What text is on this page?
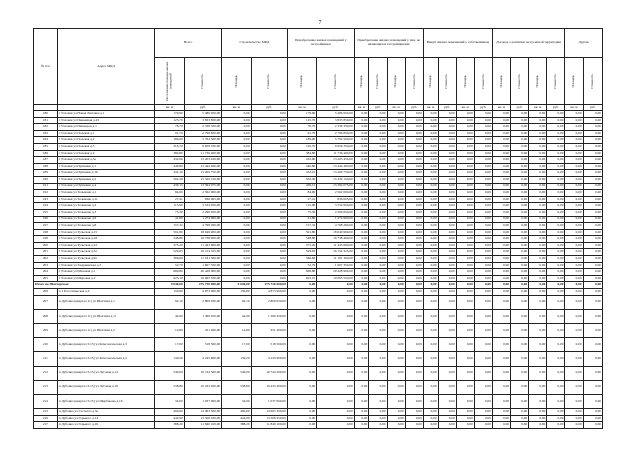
7
№ п/п	Адрес МКД	Всего		Строительство МКД		Приобретение жилых помещений у застройщиков		Приобретение жилых помещений у лиц, не являющихся застройщиками				Выкуп жилых помещений у собственников				Договор о развитии застроенной территории				Другие	

		Расселяемая площадь жилых помещений	Стоимость	Площадь	Стоимость	Площадь	Стоимость	Площадь	Стоимость	Площадь	Стоимость	Площадь	Стоимость	Площадь	Стоимость	Площадь	Стоимость	Площадь	Стоимость	Площадь	Стоимость

		кв. м	руб.	кв. м	руб.	кв. м	руб.	кв. м	руб.	кв. м	руб.	кв. м	руб.	кв. м	руб.	кв. м	руб.	кв. м	руб.	кв. м	руб.
180	г Узловая ул Новая Липовка д.1	179,90	5 486 950,00	0,00	0,00	179,90	5 486 950,00	0,00	0,00	0,00	0,00	0,00	0,00	0,00	0,00	0,00	0,00	0,00	0,00	0,00	0,00
181	г Узловая ул Пашенная д.43	125,70	3 833 850,00	0,00	0,00	125,70	3 833 850,00	0,00	0,00	0,00	0,00	0,00	0,00	0,00	0,00	0,00	0,00	0,00	0,00	0,00	0,00
182	г Узловая ул Пионеров д.1	78,70	2 339 350,00	0,00	0,00	78,70	2 339 350,00	0,00	0,00	0,00	0,00	0,00	0,00	0,00	0,00	0,00	0,00	0,00	0,00	0,00	0,00
183	г Узловая ул Полевая д.1	91,70	2 796 850,00	0,00	0,00	91,70	2 796 850,00	0,00	0,00	0,00	0,00	0,00	0,00	0,00	0,00	0,00	0,00	0,00	0,00	0,00	0,00
184	г Узловая ул Полевая д.2	189,00	5 764 500,00	0,00	0,00	189,00	5 764 500,00	0,00	0,00	0,00	0,00	0,00	0,00	0,00	0,00	0,00	0,00	0,00	0,00	0,00	0,00
185	г Узловая ул Полевая д.3	316,70	9 659 350,00	0,00	0,00	316,70	9 659 350,00	0,00	0,00	0,00	0,00	0,00	0,00	0,00	0,00	0,00	0,00	0,00	0,00	0,00	0,00
186	г Узловая ул Полевая д.4	384,80	11 736 400,00	0,00	0,00	384,80	11 736 400,00	0,00	0,00	0,00	0,00	0,00	0,00	0,00	0,00	0,00	0,00	0,00	0,00	0,00	0,00
187	г Узловая ул Полевая д.5а	432,90	13 203 450,00	0,00	0,00	432,90	13 203 450,00	0,00	0,00	0,00	0,00	0,00	0,00	0,00	0,00	0,00	0,00	0,00	0,00	0,00	0,00
188	г Узловая ул Пушкина д.1	440,80	13 444 400,00	0,00	0,00	440,80	13 444 400,00	0,00	0,00	0,00	0,00	0,00	0,00	0,00	0,00	0,00	0,00	0,00	0,00	0,00	0,00
189	г Узловая ул Пушкина д.16	432,10	13 209 750,00	0,00	0,00	432,10	13 209 750,00	0,00	0,00	0,00	0,00	0,00	0,00	0,00	0,00	0,00	0,00	0,00	0,00	0,00	0,00
190	г Узловая ул Пушкина д.2	502,30	15 320 150,00	0,00	0,00	502,30	15 320 150,00	0,00	0,00	0,00	0,00	0,00	0,00	0,00	0,00	0,00	0,00	0,00	0,00	0,00	0,00
191	г Узловая ул Пушкина д.4	439,15	13 394 075,00	0,00	0,00	439,15	13 394 075,00	0,00	0,00	0,00	0,00	0,00	0,00	0,00	0,00	0,00	0,00	0,00	0,00	0,00	0,00
192	г Узловая ул Тельмана д.1	84,00	2 562 000,00	0,00	0,00	84,00	2 562 000,00	0,00	0,00	0,00	0,00	0,00	0,00	0,00	0,00	0,00	0,00	0,00	0,00	0,00	0,00
193	г Узловая ул Тельмана д.11	27,41	836 005,00	0,00	0,00	27,41	836 005,00	0,00	0,00	0,00	0,00	0,00	0,00	0,00	0,00	0,00	0,00	0,00	0,00	0,00	0,00
194	г Узловая ул Тельмана д.2	115,90	3 534 950,00	0,00	0,00	115,90	3 534 950,00	0,00	0,00	0,00	0,00	0,00	0,00	0,00	0,00	0,00	0,00	0,00	0,00	0,00	0,00
195	г Узловая ул Тельмана д.3	75,30	2 296 650,00	0,00	0,00	75,30	2 296 650,00	0,00	0,00	0,00	0,00	0,00	0,00	0,00	0,00	0,00	0,00	0,00	0,00	0,00	0,00
196	г Узловая ул Тельмана д.6	41,80	1 274 900,00	0,00	0,00	41,80	1 274 900,00	0,00	0,00	0,00	0,00	0,00	0,00	0,00	0,00	0,00	0,00	0,00	0,00	0,00	0,00
197	г Узловая ул Тельмана д.8	157,32	4 798 260,00	0,00	0,00	157,32	4 798 260,00	0,00	0,00	0,00	0,00	0,00	0,00	0,00	0,00	0,00	0,00	0,00	0,00	0,00	0,00
198	г Узловая ул Тульская д.15	591,80	18 049 900,00	0,00	0,00	591,80	18 049 900,00	0,00	0,00	0,00	0,00	0,00	0,00	0,00	0,00	0,00	0,00	0,00	0,00	0,00	0,00
199	г Узловая ул Тульская д.18	548,80	16 738 400,00	0,00	0,00	548,80	16 738 400,00	0,00	0,00	0,00	0,00	0,00	0,00	0,00	0,00	0,00	0,00	0,00	0,00	0,00	0,00
200	г Узловая ул Тульская д.22	375,20	11 443 600,00	0,00	0,00	375,20	11 443 600,00	0,00	0,00	0,00	0,00	0,00	0,00	0,00	0,00	0,00	0,00	0,00	0,00	0,00	0,00
201	г Узловая ул Тульская д.3а	529,65	16 154 325,00	0,00	0,00	529,65	16 154 325,00	0,00	0,00	0,00	0,00	0,00	0,00	0,00	0,00	0,00	0,00	0,00	0,00	0,00	0,00
202	г Узловая ул Тульская д.9а	366,60	11 181 300,00	0,00	0,00	366,60	11 181 300,00	0,00	0,00	0,00	0,00	0,00	0,00	0,00	0,00	0,00	0,00	0,00	0,00	0,00	0,00
203	г Узловая ул Хадриевская д.3	52,70	1 607 350,00	0,00	0,00	52,70	1 607 350,00	0,00	0,00	0,00	0,00	0,00	0,00	0,00	0,00	0,00	0,00	0,00	0,00	0,00	0,00
204	г Узловая ул Шаховая д.1	669,80	20 428 900,00	0,00	0,00	669,80	20 428 900,00	0,00	0,00	0,00	0,00	0,00	0,00	0,00	0,00	0,00	0,00	0,00	0,00	0,00	0,00
205	г Узловая ул Шаровая д.2	625,10	19 065 550,00	0,00	0,00	625,10	19 065 550,00	0,00	0,00	0,00	0,00	0,00	0,00	0,00	0,00	0,00	0,00	0,00	0,00	0,00	0,00
Итого по Шахтерское:		9 040,00	275 720 000,00	9 040,00	275 720 000,00	0,00	0,00	0,00	0,00	0,00	0,00	0,00	0,00	0,00	0,00	0,00	0,00	0,00	0,00	0,00	0,00
206	п 1 Россошанская д.2	159,80	4 873 900,00	159,80	4 873 900,00	0,00	0,00	0,00	0,00	0,00	0,00	0,00	0,00	0,00	0,00	0,00	0,00	0,00	0,00	0,00	0,00
207	п Дубовка (квартал 11) ул Шахтная д.1	92,10	2 809 050,00	92,10	2 809 050,00	0,00	0,00	0,00	0,00	0,00	0,00	0,00	0,00	0,00	0,00	0,00	0,00	0,00	0,00	0,00	0,00
208	п Дубовка (квартал 11) ул Шахтная д.11	44,90	1 369 450,00	44,90	1 369 450,00	0,00	0,00	0,00	0,00	0,00	0,00	0,00	0,00	0,00	0,00	0,00	0,00	0,00	0,00	0,00	0,00
209	п Дубовка (квартал 11) ул Шахтная д.2	14,80	451 400,00	14,80	451 400,00	0,00	0,00	0,00	0,00	0,00	0,00	0,00	0,00	0,00	0,00	0,00	0,00	0,00	0,00	0,00	0,00
210	п Дубовка (квартал 5/13) ул Комсомольская д.3	17,00	518 500,00	17,00	518 500,00	0,00	0,00	0,00	0,00	0,00	0,00	0,00	0,00	0,00	0,00	0,00	0,00	0,00	0,00	0,00	0,00
211	п Дубовка (квартал 5/13) ул Комсомольская д.5	139,20	4 245 600,00	139,20	4 245 600,00	0,00	0,00	0,00	0,00	0,00	0,00	0,00	0,00	0,00	0,00	0,00	0,00	0,00	0,00	0,00	0,00
212	п Дубовка (квартал 5/13) ул Луговая д.14	549,00	16 744 500,00	549,00	16 744 500,00	0,00	0,00	0,00	0,00	0,00	0,00	0,00	0,00	0,00	0,00	0,00	0,00	0,00	0,00	0,00	0,00
213	п Дубовка (квартал 5/13) ул Луговая д.16	538,80	16 433 400,00	538,80	16 433 400,00	0,00	0,00	0,00	0,00	0,00	0,00	0,00	0,00	0,00	0,00	0,00	0,00	0,00	0,00	0,00	0,00
214	п Дубовка (квартал 5/13) ул Щербакова д.16	34,00	1 037 000,00	34,00	1 037 000,00	0,00	0,00	0,00	0,00	0,00	0,00	0,00	0,00	0,00	0,00	0,00	0,00	0,00	0,00	0,00	0,00
215	п Дубовка ул Гастелло д.3а	490,60	14 963 300,00	490,60	14 963 300,00	0,00	0,00	0,00	0,00	0,00	0,00	0,00	0,00	0,00	0,00	0,00	0,00	0,00	0,00	0,00	0,00
216	п Дубовка ул Горького д.14	442,90	13 508 450,00	442,90	13 508 450,00	0,00	0,00	0,00	0,00	0,00	0,00	0,00	0,00	0,00	0,00	0,00	0,00	0,00	0,00	0,00	0,00
217	п Дубовка ул Горького д.16	388,20	11 840 100,00	388,20	11 840 100,00	0,00	0,00	0,00	0,00	0,00	0,00	0,00	0,00	0,00	0,00	0,00	0,00	0,00	0,00	0,00	0,00
